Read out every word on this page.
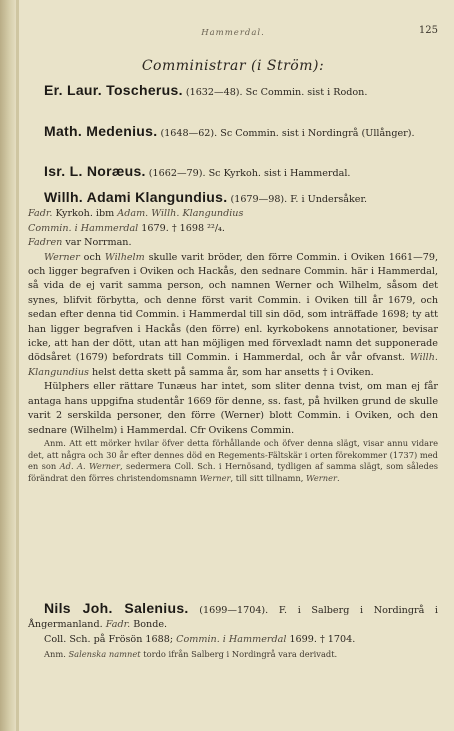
Hammerdal.	125
Comministrar (i Ström):

Er. Laur. Toscherus. (1632—48). Sc Commin. sist i Rodon.

Math. Medenius. (1648—62). Sc Commin. sist i Nordingrå (Ullånger).

Isr. L. Noræus. (1662—79). Sc Kyrkoh. sist i Hammerdal.

Willh. Adami Klangundius. (1679—98). F. i Undersåker.

Fadr. Kyrkoh. ibm Adam. Willh. Klangundius

Commin. i Hammerdal 1679. † 1698 ²²/₄.

Fadren var Norrman.

Werner och Wilhelm skulle varit bröder, den förre Commin. i Oviken 1661—79, och ligger begrafven i Oviken och Hackås, den sednare Commin. här i Hammerdal, så vida de ej varit samma person, och namnen Werner och Wilhelm, såsom det synes, blifvit förbytta, och denne först varit Commin. i Oviken till år 1679, och sedan efter denna tid Commin. i Hammerdal till sin död, som inträffade 1698; ty att han ligger begrafven i Hackås (den förre) enl. kyrkobokens annotationer, bevisar icke, att han der dött, utan att han möjligen med förvexladt namn det supponerade dödsåret (1679) befordrats till Commin. i Hammerdal, och år vår ofvanst. Willh. Klangundius helst detta skett på samma år, som har ansetts † i Oviken.

Hülphers eller rättare Tunæus har intet, som sliter denna tvist, om man ej får antaga hans uppgifna studentår 1669 för denne, ss. fast, på hvilken grund de skulle varit 2 serskilda personer, den förre (Werner) blott Commin. i Oviken, och den sednare (Wilhelm) i Hammerdal. Cfr Ovikens Commin.

Anm. Att ett mörker hvilar öfver detta förhållande och öfver denna slägt, visar annu vidare det, att några och 30 år efter dennes död en Regements-Fältskär i orten förekommer (1737) med en son Ad. A. Werner, sedermera Coll. Sch. i Hernösand, tydligen af samma slägt, som således förändrat den förres christendomsnamn Werner, till sitt tillnamn, Werner.

Nils Joh. Salenius. (1699—1704). F. i Salberg i Nordingrå i Ångermanland. Fadr. Bonde.

Coll. Sch. på Frösön 1688; Commin. i Hammerdal 1699. † 1704.

Anm. Salenska namnet tordo ifrån Salberg i Nordingrå vara derivadt.
